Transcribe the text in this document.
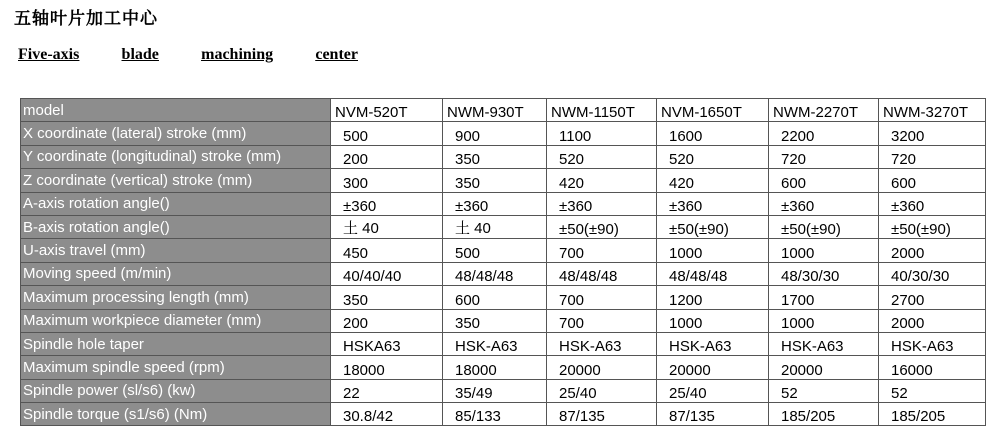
五轴叶片加工中心
Five-axis	blade	machining	center
model	NVM-520T	NWM-930T	NWM-1150T	NVM-1650T	NWM-2270T	NWM-3270T
X coordinate (lateral) stroke (mm)	500	900	1100	1600	2200	3200
Y coordinate (longitudinal) stroke (mm)	200	350	520	520	720	720
Z coordinate (vertical) stroke (mm)	300	350	420	420	600	600
A-axis rotation angle()	±360	±360	±360	±360	±360	±360
B-axis rotation angle()	土 40	土 40	±50(±90)	±50(±90)	±50(±90)	±50(±90)
U-axis travel (mm)	450	500	700	1000	1000	2000
Moving speed (m/min)	40/40/40	48/48/48	48/48/48	48/48/48	48/30/30	40/30/30
Maximum processing length (mm)	350	600	700	1200	1700	2700
Maximum workpiece diameter (mm)	200	350	700	1000	1000	2000
Spindle hole taper	HSKA63	HSK-A63	HSK-A63	HSK-A63	HSK-A63	HSK-A63
Maximum spindle speed (rpm)	18000	18000	20000	20000	20000	16000
Spindle power (sl/s6) (kw)	22	35/49	25/40	25/40	52	52
Spindle torque (s1/s6) (Nm)	30.8/42	85/133	87/135	87/135	185/205	185/205
